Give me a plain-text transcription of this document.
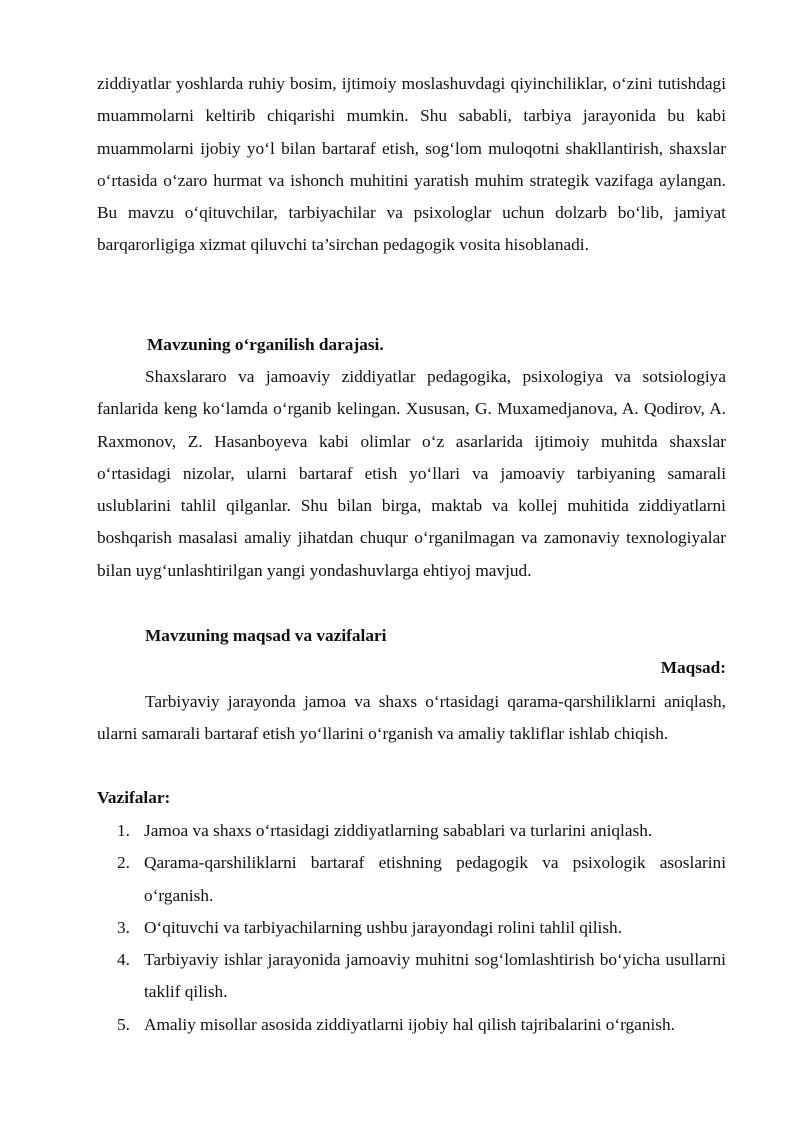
ziddiyatlar yoshlarda ruhiy bosim, ijtimoiy moslashuvdagi qiyinchiliklar, o‘zini tutishdagi muammolarni keltirib chiqarishi mumkin. Shu sababli, tarbiya jarayonida bu kabi muammolarni ijobiy yo‘l bilan bartaraf etish, sog‘lom muloqotni shakllantirish, shaxslar o‘rtasida o‘zaro hurmat va ishonch muhitini yaratish muhim strategik vazifaga aylangan. Bu mavzu o‘qituvchilar, tarbiyachilar va psixologlar uchun dolzarb bo‘lib, jamiyat barqarorligiga xizmat qiluvchi ta’sirchan pedagogik vosita hisoblanadi.

Mavzuning o‘rganilish darajasi.

Shaxslararo va jamoaviy ziddiyatlar pedagogika, psixologiya va sotsiologiya fanlarida keng ko‘lamda o‘rganib kelingan. Xususan, G. Muxamedjanova, A. Qodirov, A. Raxmonov, Z. Hasanboyeva kabi olimlar o‘z asarlarida ijtimoiy muhitda shaxslar o‘rtasidagi nizolar, ularni bartaraf etish yo‘llari va jamoaviy tarbiyaning samarali uslublarini tahlil qilganlar. Shu bilan birga, maktab va kollej muhitida ziddiyatlarni boshqarish masalasi amaliy jihatdan chuqur o‘rganilmagan va zamonaviy texnologiyalar bilan uyg‘unlashtirilgan yangi yondashuvlarga ehtiyoj mavjud.

Mavzuning maqsad va vazifalari

Maqsad:

Tarbiyaviy jarayonda jamoa va shaxs o‘rtasidagi qarama-qarshiliklarni aniqlash, ularni samarali bartaraf etish yo‘llarini o‘rganish va amaliy takliflar ishlab chiqish.

Vazifalar:

1. Jamoa va shaxs o‘rtasidagi ziddiyatlarning sabablari va turlarini aniqlash.
2. Qarama-qarshiliklarni bartaraf etishning pedagogik va psixologik asoslarini o‘rganish.
3. O‘qituvchi va tarbiyachilarning ushbu jarayondagi rolini tahlil qilish.
4. Tarbiyaviy ishlar jarayonida jamoaviy muhitni sog‘lomlashtirish bo‘yicha usullarni taklif qilish.
5. Amaliy misollar asosida ziddiyatlarni ijobiy hal qilish tajribalarini o‘rganish.
